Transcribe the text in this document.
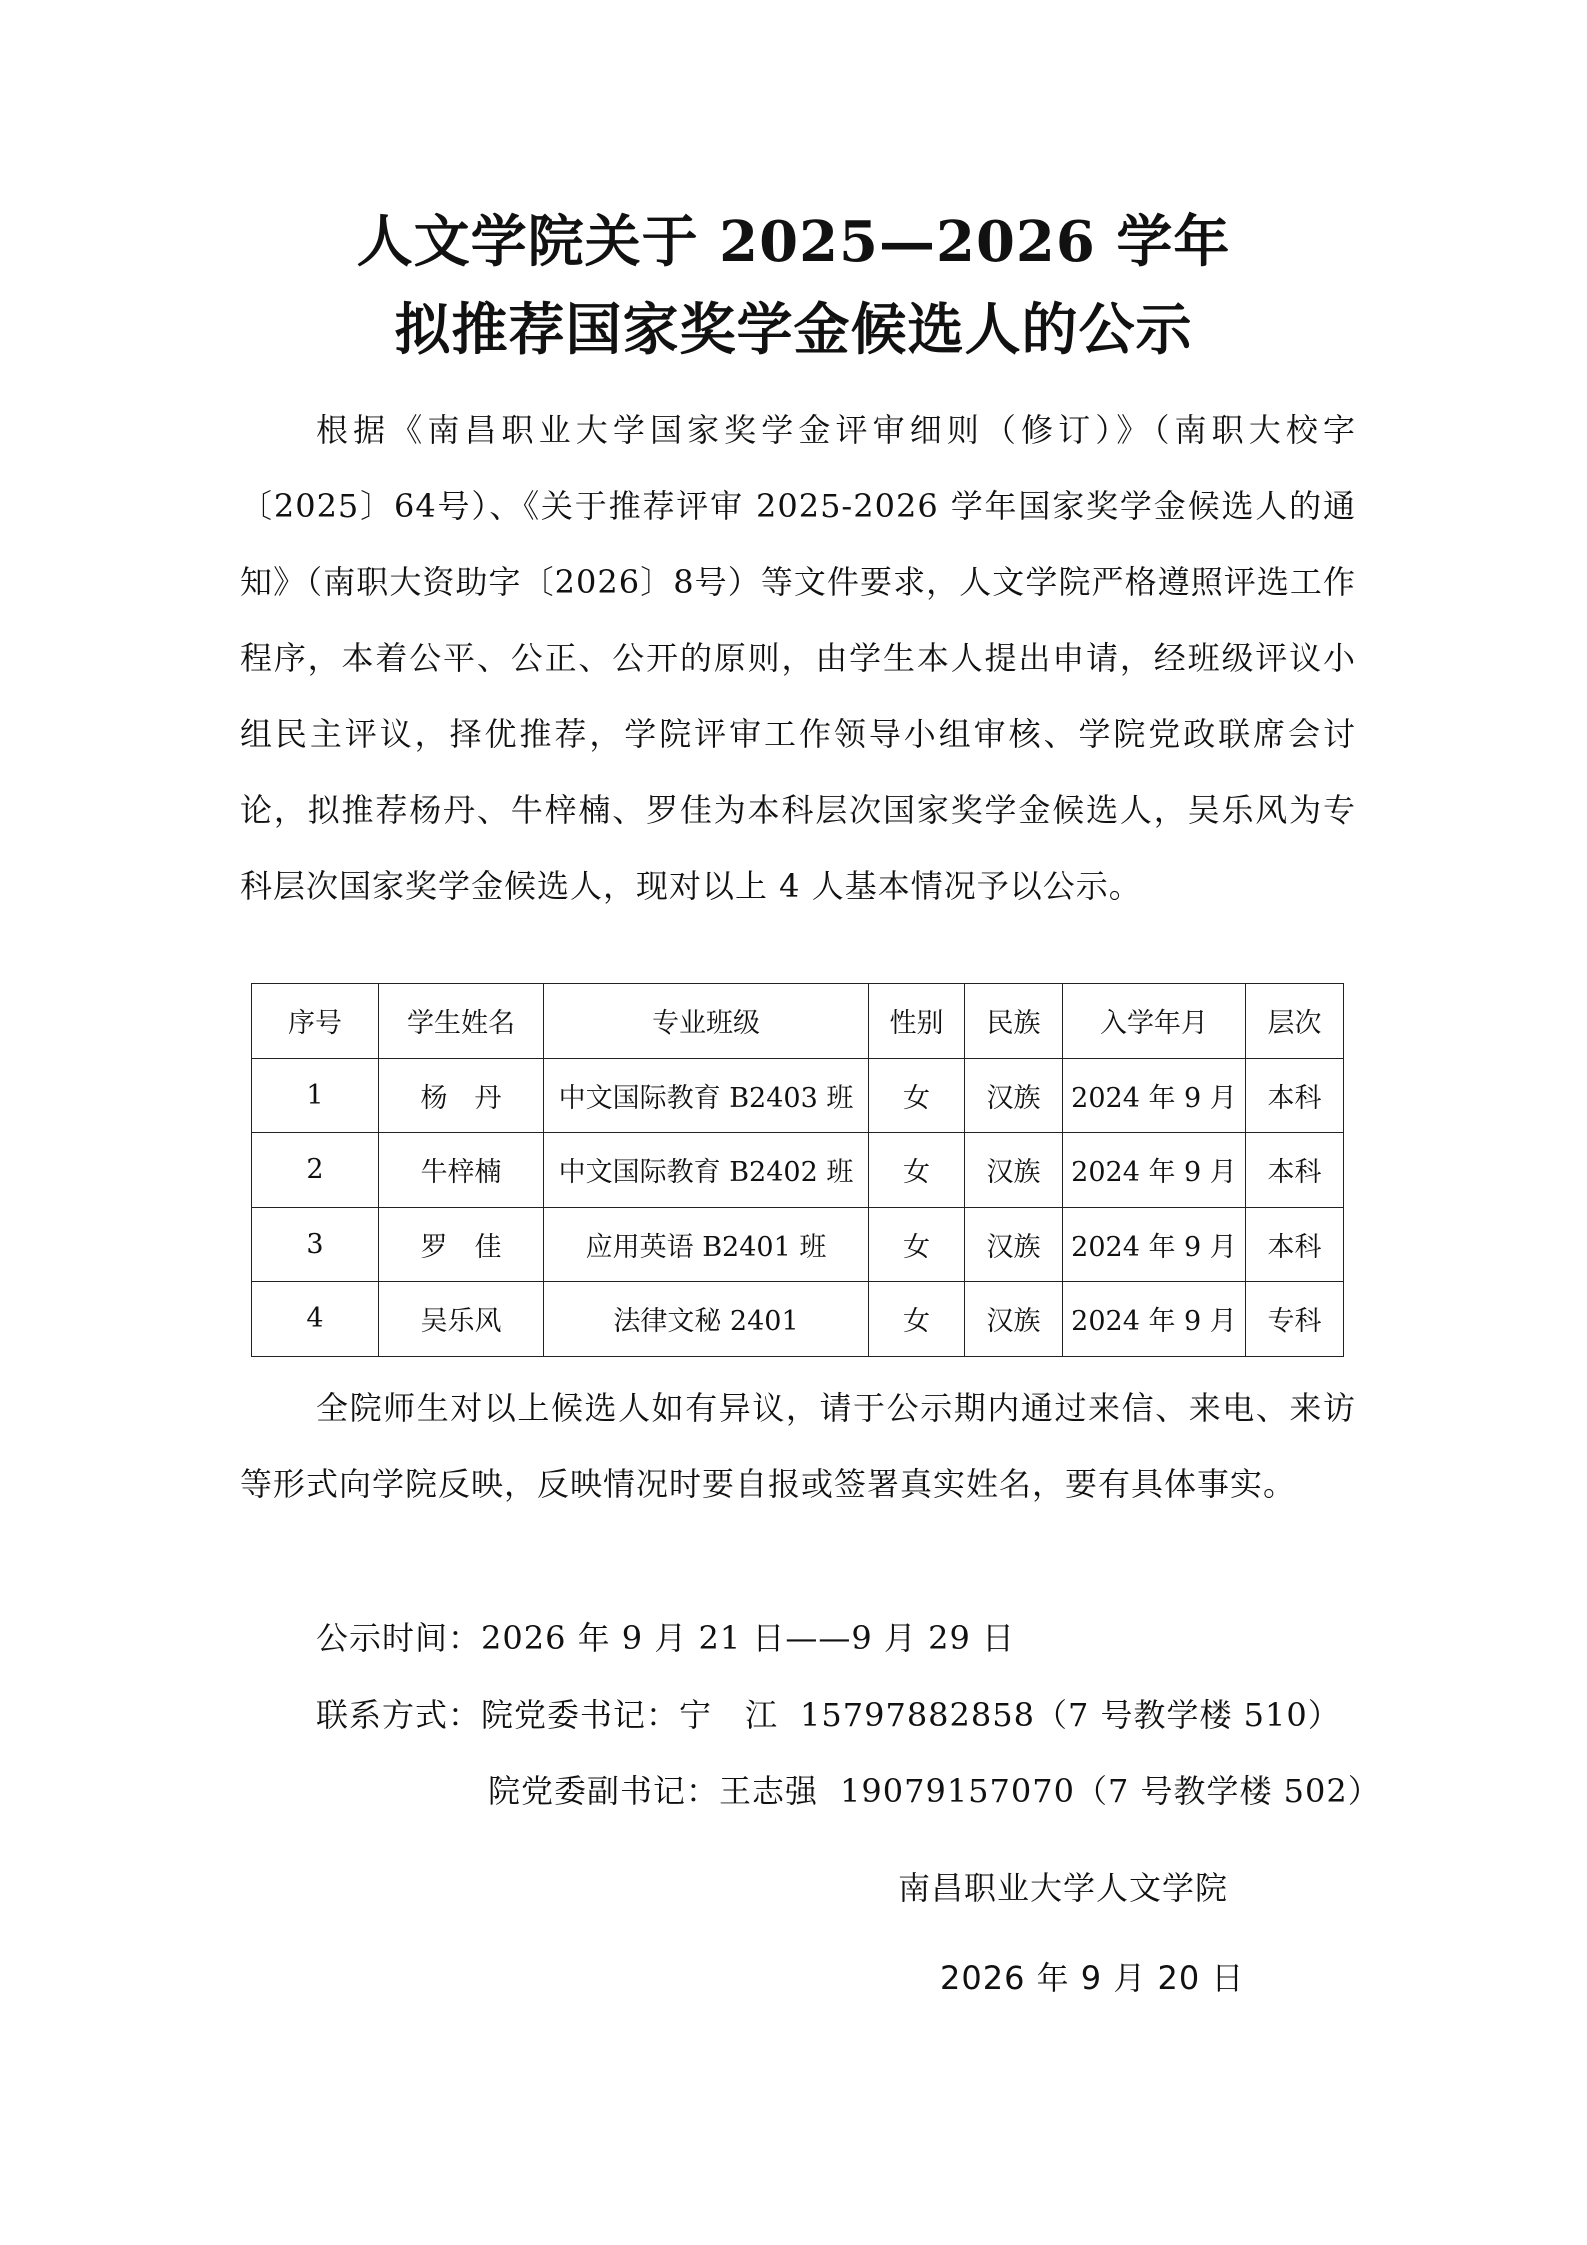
人文学院关于 2025—2026 学年
拟推荐国家奖学金候选人的公示
根据《南昌职业大学国家奖学金评审细则（修订）》（南职大校字〔2025〕64号）、《关于推荐评审 2025-2026 学年国家奖学金候选人的通知》（南职大资助字〔2026〕8号）等文件要求，人文学院严格遵照评选工作程序，本着公平、公正、公开的原则，由学生本人提出申请，经班级评议小组民主评议，择优推荐，学院评审工作领导小组审核、学院党政联席会讨论，拟推荐杨丹、牛梓楠、罗佳为本科层次国家奖学金候选人，吴乐风为专科层次国家奖学金候选人，现对以上 4 人基本情况予以公示。
序号	学生姓名	专业班级	性别	民族	入学年月	层次
1	杨　丹	中文国际教育 B2403 班	女	汉族	2024 年 9 月	本科
2	牛梓楠	中文国际教育 B2402 班	女	汉族	2024 年 9 月	本科
3	罗　佳	应用英语 B2401 班	女	汉族	2024 年 9 月	本科
4	吴乐风	法律文秘 2401	女	汉族	2024 年 9 月	专科
全院师生对以上候选人如有异议，请于公示期内通过来信、来电、来访等形式向学院反映，反映情况时要自报或签署真实姓名，要有具体事实。
公示时间：2026 年 9 月 21 日——9 月 29 日
联系方式：院党委书记：宁　江 15797882858（7 号教学楼 510）
院党委副书记：王志强 19079157070（7 号教学楼 502）
南昌职业大学人文学院
2026 年 9 月 20 日
